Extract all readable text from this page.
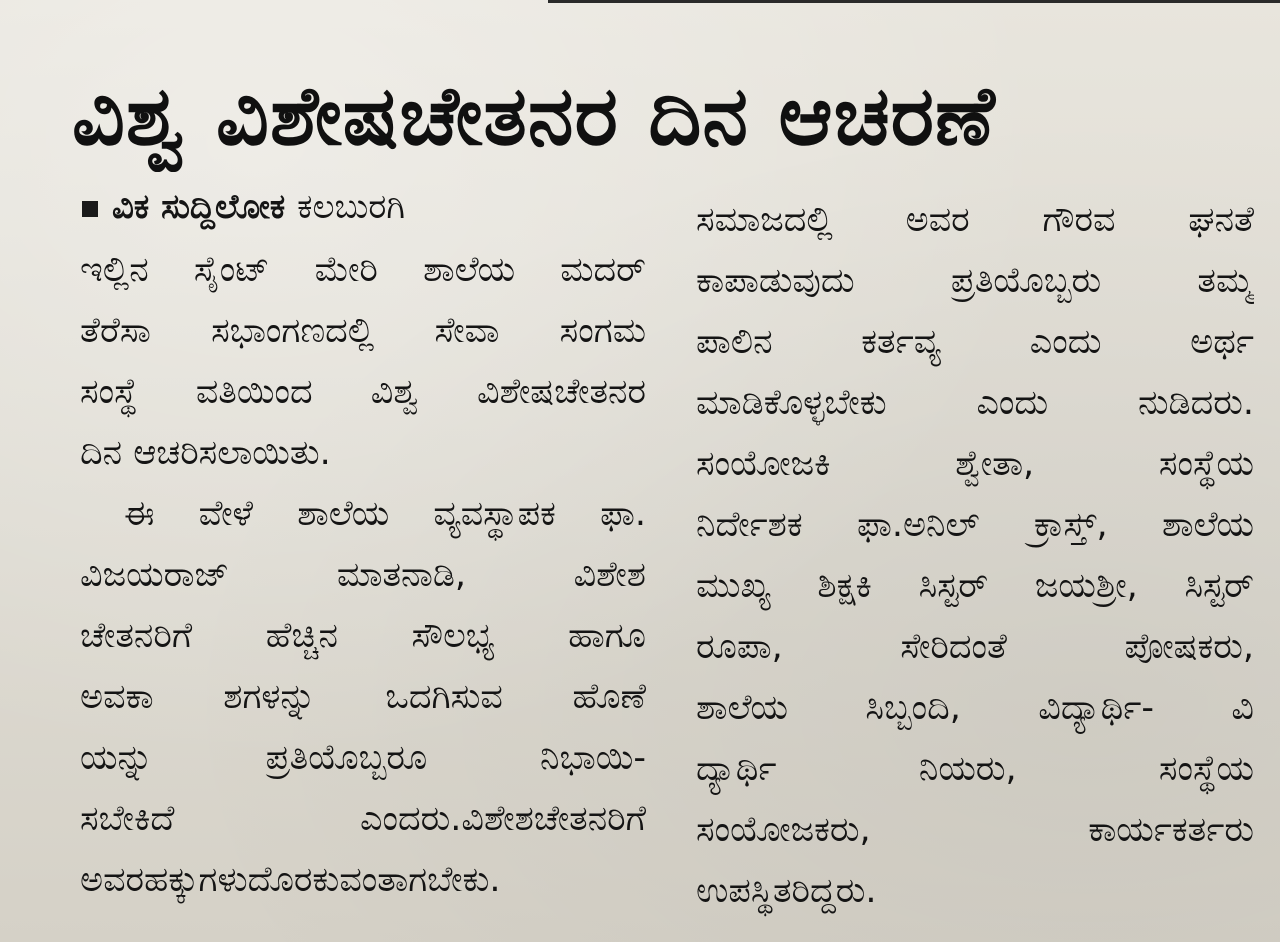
ವಿಶ್ವ ವಿಶೇಷಚೇತನರ ದಿನ ಆಚರಣೆ
ವಿಕ ಸುದ್ದಿಲೋಕ ಕಲಬುರಗಿ
ಇಲ್ಲಿನ ಸೈಂಟ್ ಮೇರಿ ಶಾಲೆಯ ಮದರ್
ತೆರೆಸಾ ಸಭಾಂಗಣದಲ್ಲಿ ಸೇವಾ ಸಂಗಮ
ಸಂಸ್ಥೆ ವತಿಯಿಂದ ವಿಶ್ವ ವಿಶೇಷಚೇತನರ
ದಿನ ಆಚರಿಸಲಾಯಿತು.
ಈ ವೇಳೆ ಶಾಲೆಯ ವ್ಯವಸ್ಥಾಪಕ ಫಾ.
ವಿಜಯರಾಜ್ ಮಾತನಾಡಿ, ವಿಶೇಶ
ಚೇತನರಿಗೆ ಹೆಚ್ಚಿನ ಸೌಲಭ್ಯ ಹಾಗೂ
ಅವಕಾ ಶಗಳನ್ನು ಒದಗಿಸುವ ಹೊಣೆ
ಯನ್ನು ಪ್ರತಿಯೊಬ್ಬರೂ ನಿಭಾಯಿ-
ಸಬೇಕಿದೆ ಎಂದರು.ವಿಶೇಶಚೇತನರಿಗೆ
ಅವರಹಕ್ಕುಗಳುದೊರಕುವಂತಾಗಬೇಕು.
ಸಮಾಜದಲ್ಲಿ ಅವರ ಗೌರವ ಘನತೆ
ಕಾಪಾಡುವುದು ಪ್ರತಿಯೊಬ್ಬರು ತಮ್ಮ
ಪಾಲಿನ ಕರ್ತವ್ಯ ಎಂದು ಅರ್ಥ
ಮಾಡಿಕೊಳ್ಳಬೇಕು ಎಂದು ನುಡಿದರು.
ಸಂಯೋಜಕಿ ಶ್ವೇತಾ, ಸಂಸ್ಥೆಯ
ನಿರ್ದೇಶಕ ಫಾ.ಅನಿಲ್ ಕ್ರಾಸ್ತ್, ಶಾಲೆಯ
ಮುಖ್ಯ ಶಿಕ್ಷಕಿ ಸಿಸ್ಟರ್ ಜಯಶ್ರೀ, ಸಿಸ್ಟರ್
ರೂಪಾ, ಸೇರಿದಂತೆ ಪೋಷಕರು,
ಶಾಲೆಯ ಸಿಬ್ಬಂದಿ, ವಿದ್ಯಾರ್ಥಿ- ವಿ
ದ್ಯಾರ್ಥಿ ನಿಯರು, ಸಂಸ್ಥೆಯ
ಸಂಯೋಜಕರು, ಕಾರ್ಯಕರ್ತರು
ಉಪಸ್ಥಿತರಿದ್ದರು.
